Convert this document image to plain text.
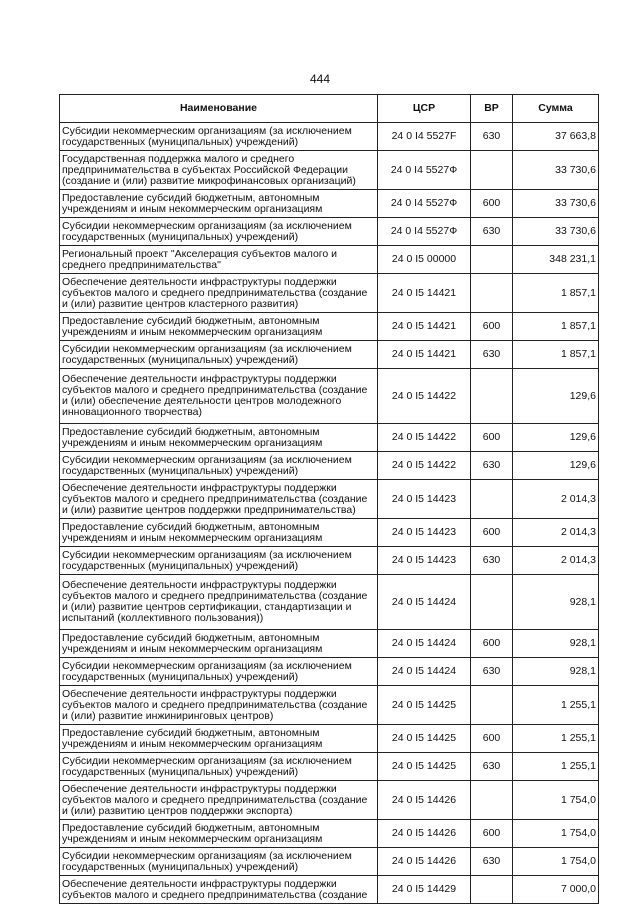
444
Наименование	ЦСР	ВР	Сумма
Субсидии некоммерческим организациям (за исключением государственных (муниципальных) учреждений)	24 0 I4 5527F	630	37 663,8
Государственная поддержка малого и среднего предпринимательства в субъектах Российской Федерации (создание и (или) развитие микрофинансовых организаций)	24 0 I4 5527Ф		33 730,6
Предоставление субсидий бюджетным, автономным учреждениям и иным некоммерческим организациям	24 0 I4 5527Ф	600	33 730,6
Субсидии некоммерческим организациям (за исключением государственных (муниципальных) учреждений)	24 0 I4 5527Ф	630	33 730,6
Региональный проект "Акселерация субъектов малого и среднего предпринимательства"	24 0 I5 00000		348 231,1
Обеспечение деятельности инфраструктуры поддержки субъектов малого и среднего предпринимательства (создание и (или) развитие центров кластерного развития)	24 0 I5 14421		1 857,1
Предоставление субсидий бюджетным, автономным учреждениям и иным некоммерческим организациям	24 0 I5 14421	600	1 857,1
Субсидии некоммерческим организациям (за исключением государственных (муниципальных) учреждений)	24 0 I5 14421	630	1 857,1
Обеспечение деятельности инфраструктуры поддержки субъектов малого и среднего предпринимательства (создание и (или) обеспечение деятельности центров молодежного инновационного творчества)	24 0 I5 14422		129,6
Предоставление субсидий бюджетным, автономным учреждениям и иным некоммерческим организациям	24 0 I5 14422	600	129,6
Субсидии некоммерческим организациям (за исключением государственных (муниципальных) учреждений)	24 0 I5 14422	630	129,6
Обеспечение деятельности инфраструктуры поддержки субъектов малого и среднего предпринимательства (создание и (или) развитие центров поддержки предпринимательства)	24 0 I5 14423		2 014,3
Предоставление субсидий бюджетным, автономным учреждениям и иным некоммерческим организациям	24 0 I5 14423	600	2 014,3
Субсидии некоммерческим организациям (за исключением государственных (муниципальных) учреждений)	24 0 I5 14423	630	2 014,3
Обеспечение деятельности инфраструктуры поддержки субъектов малого и среднего предпринимательства (создание и (или) развитие центров сертификации, стандартизации и испытаний (коллективного пользования))	24 0 I5 14424		928,1
Предоставление субсидий бюджетным, автономным учреждениям и иным некоммерческим организациям	24 0 I5 14424	600	928,1
Субсидии некоммерческим организациям (за исключением государственных (муниципальных) учреждений)	24 0 I5 14424	630	928,1
Обеспечение деятельности инфраструктуры поддержки субъектов малого и среднего предпринимательства (создание и (или) развитие инжиниринговых центров)	24 0 I5 14425		1 255,1
Предоставление субсидий бюджетным, автономным учреждениям и иным некоммерческим организациям	24 0 I5 14425	600	1 255,1
Субсидии некоммерческим организациям (за исключением государственных (муниципальных) учреждений)	24 0 I5 14425	630	1 255,1
Обеспечение деятельности инфраструктуры поддержки субъектов малого и среднего предпринимательства (создание и (или) развитию центров поддержки экспорта)	24 0 I5 14426		1 754,0
Предоставление субсидий бюджетным, автономным учреждениям и иным некоммерческим организациям	24 0 I5 14426	600	1 754,0
Субсидии некоммерческим организациям (за исключением государственных (муниципальных) учреждений)	24 0 I5 14426	630	1 754,0
Обеспечение деятельности инфраструктуры поддержки субъектов малого и среднего предпринимательства (создание	24 0 I5 14429		7 000,0
